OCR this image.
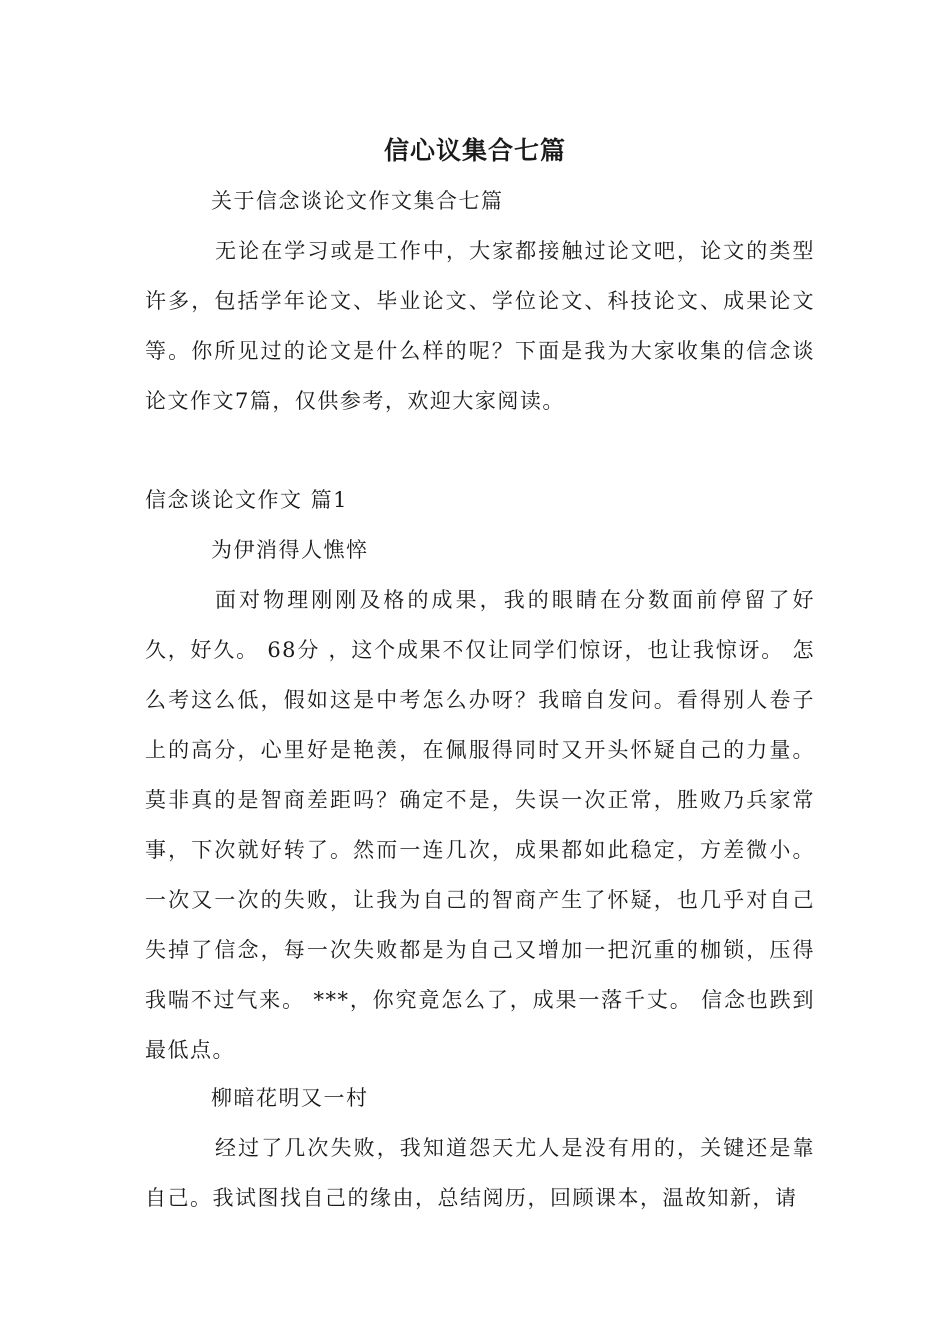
信心议集合七篇

关于信念谈论文作文集合七篇

无论在学习或是工作中，大家都接触过论文吧，论文的类型许多，包括学年论文、毕业论文、学位论文、科技论文、成果论文等。你所见过的论文是什么样的呢？下面是我为大家收集的信念谈论文作文7篇，仅供参考，欢迎大家阅读。

信念谈论文作文 篇1

为伊消得人憔悴

面对物理刚刚及格的成果，我的眼睛在分数面前停留了好久，好久。 68分 ，这个成果不仅让同学们惊讶，也让我惊讶。 怎么考这么低，假如这是中考怎么办呀？我暗自发问。看得别人卷子上的高分，心里好是艳羡，在佩服得同时又开头怀疑自己的力量。 莫非真的是智商差距吗？确定不是，失误一次正常，胜败乃兵家常事，下次就好转了。然而一连几次，成果都如此稳定，方差微小。一次又一次的失败，让我为自己的智商产生了怀疑，也几乎对自己失掉了信念，每一次失败都是为自己又增加一把沉重的枷锁，压得我喘不过气来。 ***，你究竟怎么了，成果一落千丈。 信念也跌到最低点。

柳暗花明又一村

经过了几次失败，我知道怨天尤人是没有用的，关键还是靠自己。我试图找自己的缘由，总结阅历，回顾课本，温故知新，请
